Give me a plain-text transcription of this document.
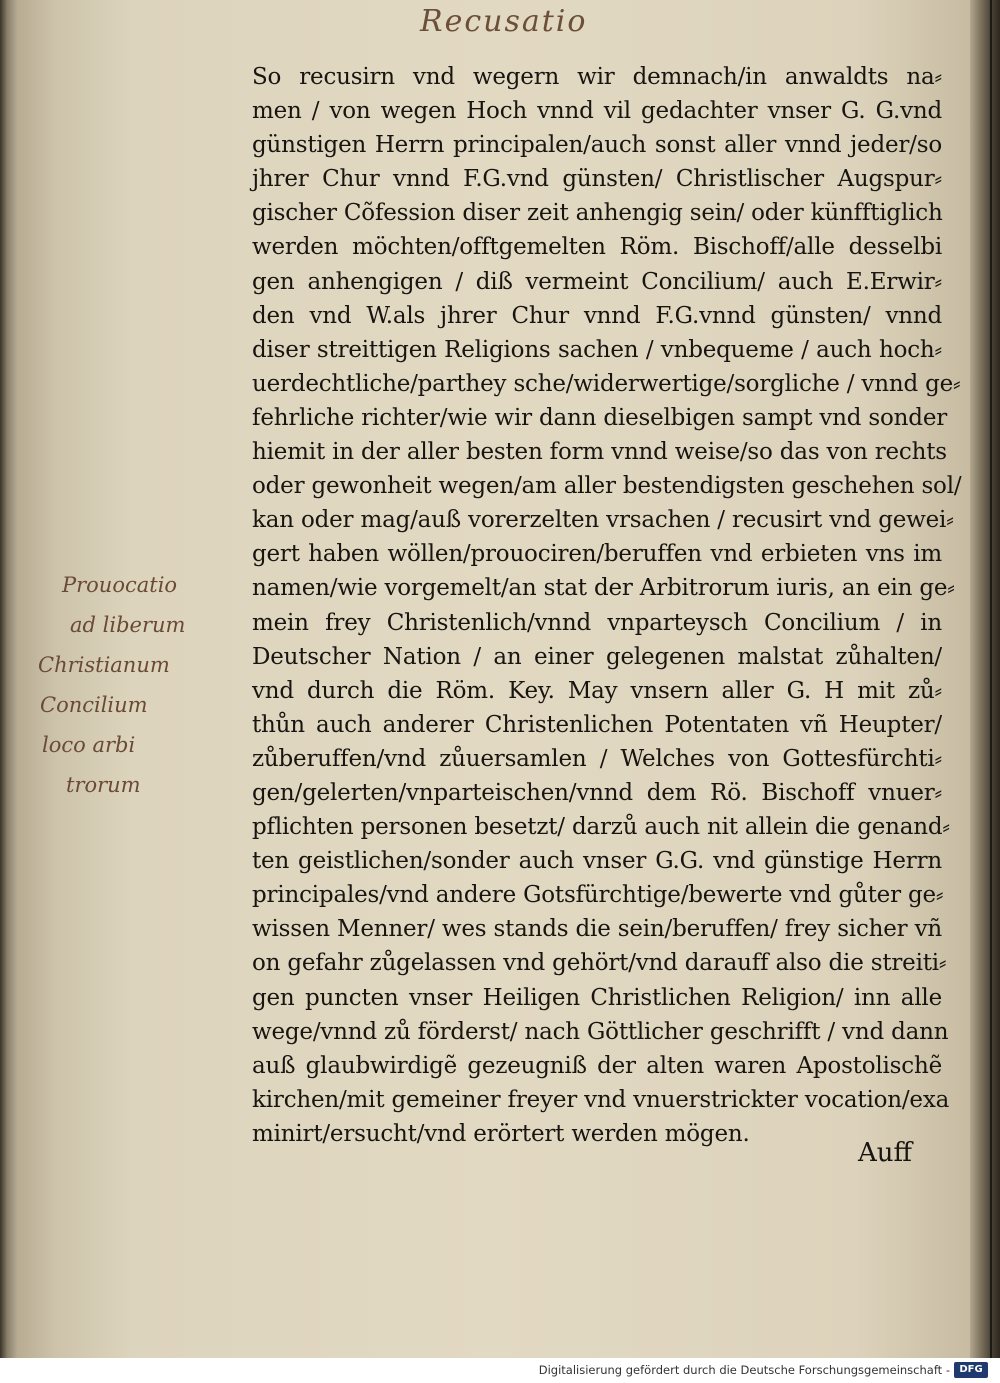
Recusatio
So recusirn vnd wegern wir demnach/in anwaldts na⸗
men / von wegen Hoch vnnd vil gedachter vnser G. G.vnd
günstigen Herrn principalen/auch sonst aller vnnd jeder/so
jhrer Chur vnnd F.G.vnd günsten/ Christlischer Augspur⸗
gischer Cõfession diser zeit anhengig sein/ oder künfftiglich
werden möchten/offtgemelten Röm. Bischoff/alle desselbi
gen anhengigen / diß vermeint Concilium/ auch E.Erwir⸗
den vnd W.als jhrer Chur vnnd F.G.vnnd günsten/ vnnd
diser streittigen Religions sachen / vnbequeme / auch hoch⸗
uerdechtliche/parthey sche/widerwertige/sorgliche / vnnd ge⸗
fehrliche richter/wie wir dann dieselbigen sampt vnd sonder
hiemit in der aller besten form vnnd weise/so das von rechts
oder gewonheit wegen/am aller bestendigsten geschehen sol/
kan oder mag/auß vorerzelten vrsachen / recusirt vnd gewei⸗
gert haben wöllen/prouociren/beruffen vnd erbieten vns im
namen/wie vorgemelt/an stat der Arbitrorum iuris, an ein ge⸗
mein frey Christenlich/vnnd vnparteysch Concilium / in
Deutscher Nation / an einer gelegenen malstat zůhalten/
vnd durch die Röm. Key. May vnsern aller G. H mit zů⸗
thůn auch anderer Christenlichen Potentaten vñ Heupter/
zůberuffen/vnd zůuersamlen / Welches von Gottesfürchti⸗
gen/gelerten/vnparteischen/vnnd dem Rö. Bischoff vnuer⸗
pflichten personen besetzt/ darzů auch nit allein die genand⸗
ten geistlichen/sonder auch vnser G.G. vnd günstige Herrn
principales/vnd andere Gotsfürchtige/bewerte vnd gůter ge⸗
wissen Menner/ wes stands die sein/beruffen/ frey sicher vñ
on gefahr zůgelassen vnd gehört/vnd darauff also die streiti⸗
gen puncten vnser Heiligen Christlichen Religion/ inn alle
wege/vnnd zů förderst/ nach Göttlicher geschrifft / vnd dann
auß glaubwirdigẽ gezeugniß der alten waren Apostolischẽ
kirchen/mit gemeiner freyer vnd vnuerstrickter vocation/exa
minirt/ersucht/vnd erörtert werden mögen.
Auff
Prouocatio
ad liberum
Christianum
Concilium
loco arbi
trorum
Digitalisierung gefördert durch die Deutsche Forschungsgemeinschaft - DFG
